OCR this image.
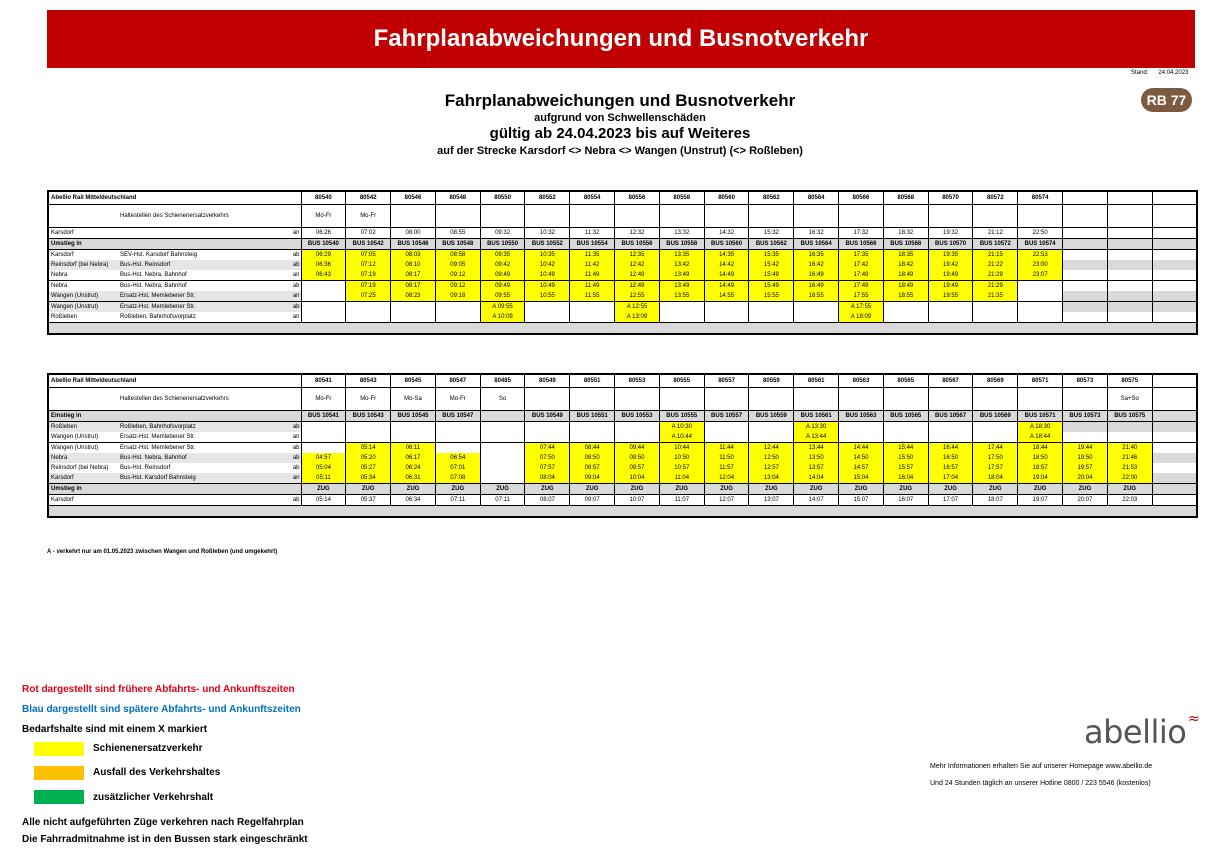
Fahrplanabweichungen und Busnotverkehr
Stand: 24.04.2023
RB 77
Fahrplanabweichungen und Busnotverkehr
aufgrund von Schwellenschäden
gültig ab 24.04.2023 bis auf Weiteres
auf der Strecke Karsdorf <> Nebra <> Wangen (Unstrut) (<> Roßleben)
Abellio Rail Mitteldeutschland			80540	80542	80546	80548	80550	80552	80554	80556	80558	80560	80562	80564	80566	80568	80570	80572	80574			
	Haltestellen des Schienenersatzverkehrs		Mo-Fr	Mo-Fr																		
Karsdorf		an	06:26	07:02	08:00	08:55	09:32	10:32	11:32	12:32	13:32	14:32	15:32	16:32	17:32	18:32	19:32	21:12	22:50			
Umstieg in			BUS 10540	BUS 10542	BUS 10546	BUS 10548	BUS 10550	BUS 10552	BUS 10554	BUS 10556	BUS 10558	BUS 10560	BUS 10562	BUS 10564	BUS 10566	BUS 10568	BUS 10570	BUS 10572	BUS 10574			
Karsdorf	SEV-Hst. Karsdorf Bahnsteig	ab	06:29	07:05	08:03	08:58	09:35	10:35	11:35	12:35	13:35	14:35	15:35	16:35	17:35	18:35	19:35	21:15	22:53			
Reinsdorf (bei Nebra)	Bus-Hst. Reinsdorf	ab	06:36	07:12	08:10	09:05	09:42	10:42	11:42	12:42	13:42	14:42	15:42	16:42	17:42	18:42	19:42	21:22	23:00			
Nebra	Bus-Hst. Nebra, Bahnhof	an	06:43	07:19	08:17	09:12	09:49	10:49	11:49	12:49	13:49	14:49	15:49	16:49	17:49	18:49	19:49	21:29	23:07			
Nebra	Bus-Hst. Nebra, Bahnhof	ab		07:19	08:17	09:12	09:49	10:49	11:49	12:49	13:49	14:49	15:49	16:49	17:49	18:49	19:49	21:29				
Wangen (Unstrut)	Ersatz-Hst. Memlebener Str.	an		07:25	08:23	09:18	09:55	10:55	11:55	12:55	13:55	14:55	15:55	16:55	17:55	18:55	19:55	21:35				
Wangen (Unstrut)	Ersatz-Hst. Memlebener Str.	ab					A 09:55			A 12:55					A 17:55							
Roßleben	Roßleben, Bahnhofsvorplatz	an					A 10:09			A 13:09					A 18:09							

Abellio Rail Mitteldeutschland			80541	80543	80545	80547	80485	80549	80551	80553	80555	80557	80559	80561	80563	80565	80567	80569	80571	80573	80575	
	Haltestellen des Schienenersatzverkehrs		Mo-Fr	Mo-Fr	Mo-Sa	Mo-Fr	So														Sa+So	
Einstieg in			BUS 10541	BUS 10543	BUS 10545	BUS 10547		BUS 10549	BUS 10551	BUS 10553	BUS 10555	BUS 10557	BUS 10559	BUS 10561	BUS 10563	BUS 10565	BUS 10567	BUS 10569	BUS 10571	BUS 10573	BUS 10575	
Roßleben	Roßleben, Bahnhofsvorplatz	ab									A 10:30			A 13:30					A 18:30			
Wangen (Unstrut)	Ersatz-Hst. Memlebener Str.	an									A 10:44			A 13:44					A 18:44			
Wangen (Unstrut)	Ersatz-Hst. Memlebener Str.	ab		05:14	06:11			07:44	08:44	09:44	10:44	11:44	12:44	13:44	14:44	15:44	16:44	17:44	18:44	19:44	21:40	
Nebra	Bus-Hst. Nebra, Bahnhof	ab	04:57	05:20	06:17	06:54		07:50	08:50	09:50	10:50	11:50	12:50	13:50	14:50	15:50	16:50	17:50	18:50	19:50	21:46	
Reinsdorf (bei Nebra)	Bus-Hst. Reinsdorf	ab	05:04	05:27	06:24	07:01		07:57	08:57	09:57	10:57	11:57	12:57	13:57	14:57	15:57	16:57	17:57	18:57	19:57	21:53	
Karsdorf	Bus-Hst. Karsdorf Bahnsteig	an	05:11	05:34	06:31	07:08		08:04	09:04	10:04	11:04	12:04	13:04	14:04	15:04	16:04	17:04	18:04	19:04	20:04	22:00	
Umstieg in			ZUG	ZUG	ZUG	ZUG	ZUG	ZUG	ZUG	ZUG	ZUG	ZUG	ZUG	ZUG	ZUG	ZUG	ZUG	ZUG	ZUG	ZUG	ZUG	
Karsdorf		ab	05:14	05:37	06:34	07:11	07:11	08:07	09:07	10:07	11:07	12:07	13:07	14:07	15:07	16:07	17:07	18:07	19:07	20:07	22:03	

A - verkehrt nur am 01.05.2023 zwischen Wangen und Roßleben (und umgekehrt)
Rot dargestellt sind frühere Abfahrts- und Ankunftszeiten
Blau dargestellt sind spätere Abfahrts- und Ankunftszeiten
Bedarfshalte sind mit einem X markiert
Schienenersatzverkehr
Ausfall des Verkehrshaltes
zusätzlicher Verkehrshalt
Alle nicht aufgeführten Züge verkehren nach Regelfahrplan
Die Fahrradmitnahme ist in den Bussen stark eingeschränkt
abellio ≈
Mehr Informationen erhalten Sie auf unserer Homepage www.abellio.de
Und 24 Stunden täglich an unserer Hotline 0800 / 223 5546 (kostenlos)
